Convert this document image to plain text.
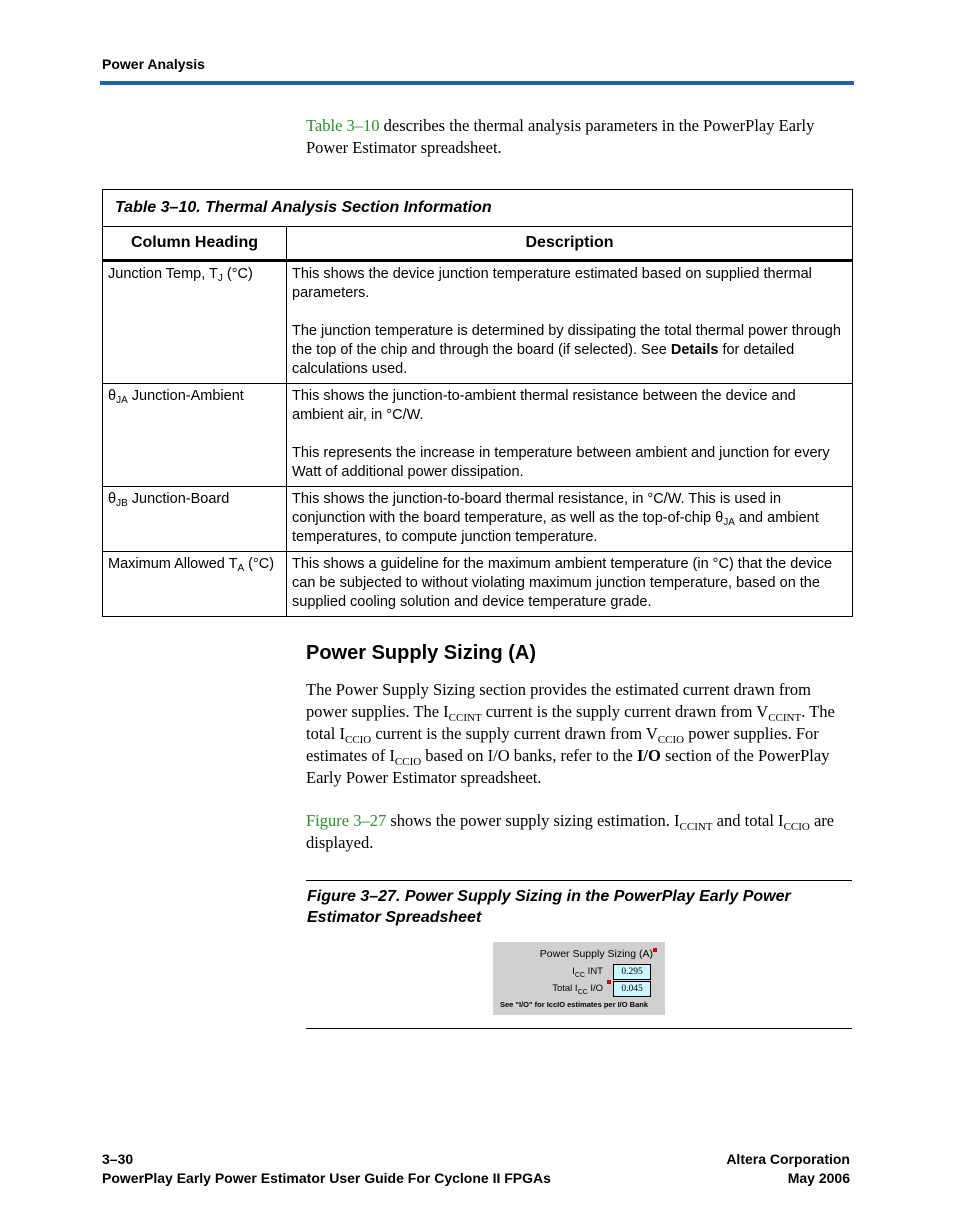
Power Analysis
Table 3–10 describes the thermal analysis parameters in the PowerPlay Early Power Estimator spreadsheet.
Table 3–10. Thermal Analysis Section Information	
Column Heading	Description
Junction Temp, $T_J$ (°C)	This shows the device junction temperature estimated based on supplied thermal parameters.
The junction temperature is determined by dissipating the total thermal power through the top of the chip and through the board (if selected). See Details for detailed calculations used.

$\theta_{JA}$ Junction-Ambient	This shows the junction-to-ambient thermal resistance between the device and ambient air, in °C/W.
This represents the increase in temperature between ambient and junction for every Watt of additional power dissipation.

$\theta_{JB}$ Junction-Board	This shows the junction-to-board thermal resistance, in °C/W. This is used in conjunction with the board temperature, as well as the top-of-chip $\theta_{JA}$ and ambient temperatures, to compute junction temperature.
Maximum Allowed $T_A$ (°C)	This shows a guideline for the maximum ambient temperature (in °C) that the device can be subjected to without violating maximum junction temperature, based on the supplied cooling solution and device temperature grade.
Power Supply Sizing (A)
The Power Supply Sizing section provides the estimated current drawn from power supplies. The $I_{CCINT}$ current is the supply current drawn from $V_{CCINT}$. The total $I_{CCIO}$ current is the supply current drawn from $V_{CCIO}$ power supplies. For estimates of $I_{CCIO}$ based on I/O banks, refer to the I/O section of the PowerPlay Early Power Estimator spreadsheet.
Figure 3–27 shows the power supply sizing estimation. $I_{CCINT}$ and total $I_{CCIO}$ are displayed.
Figure 3–27. Power Supply Sizing in the PowerPlay Early Power Estimator Spreadsheet
Power Supply Sizing (A)
$I_{CC}$ INT	0.295
Total $I_{CC}$ I/O	0.045
See "I/O" for IccIO estimates per I/O Bank
3–30
PowerPlay Early Power Estimator User Guide For Cyclone II FPGAs
Altera Corporation
May 2006
